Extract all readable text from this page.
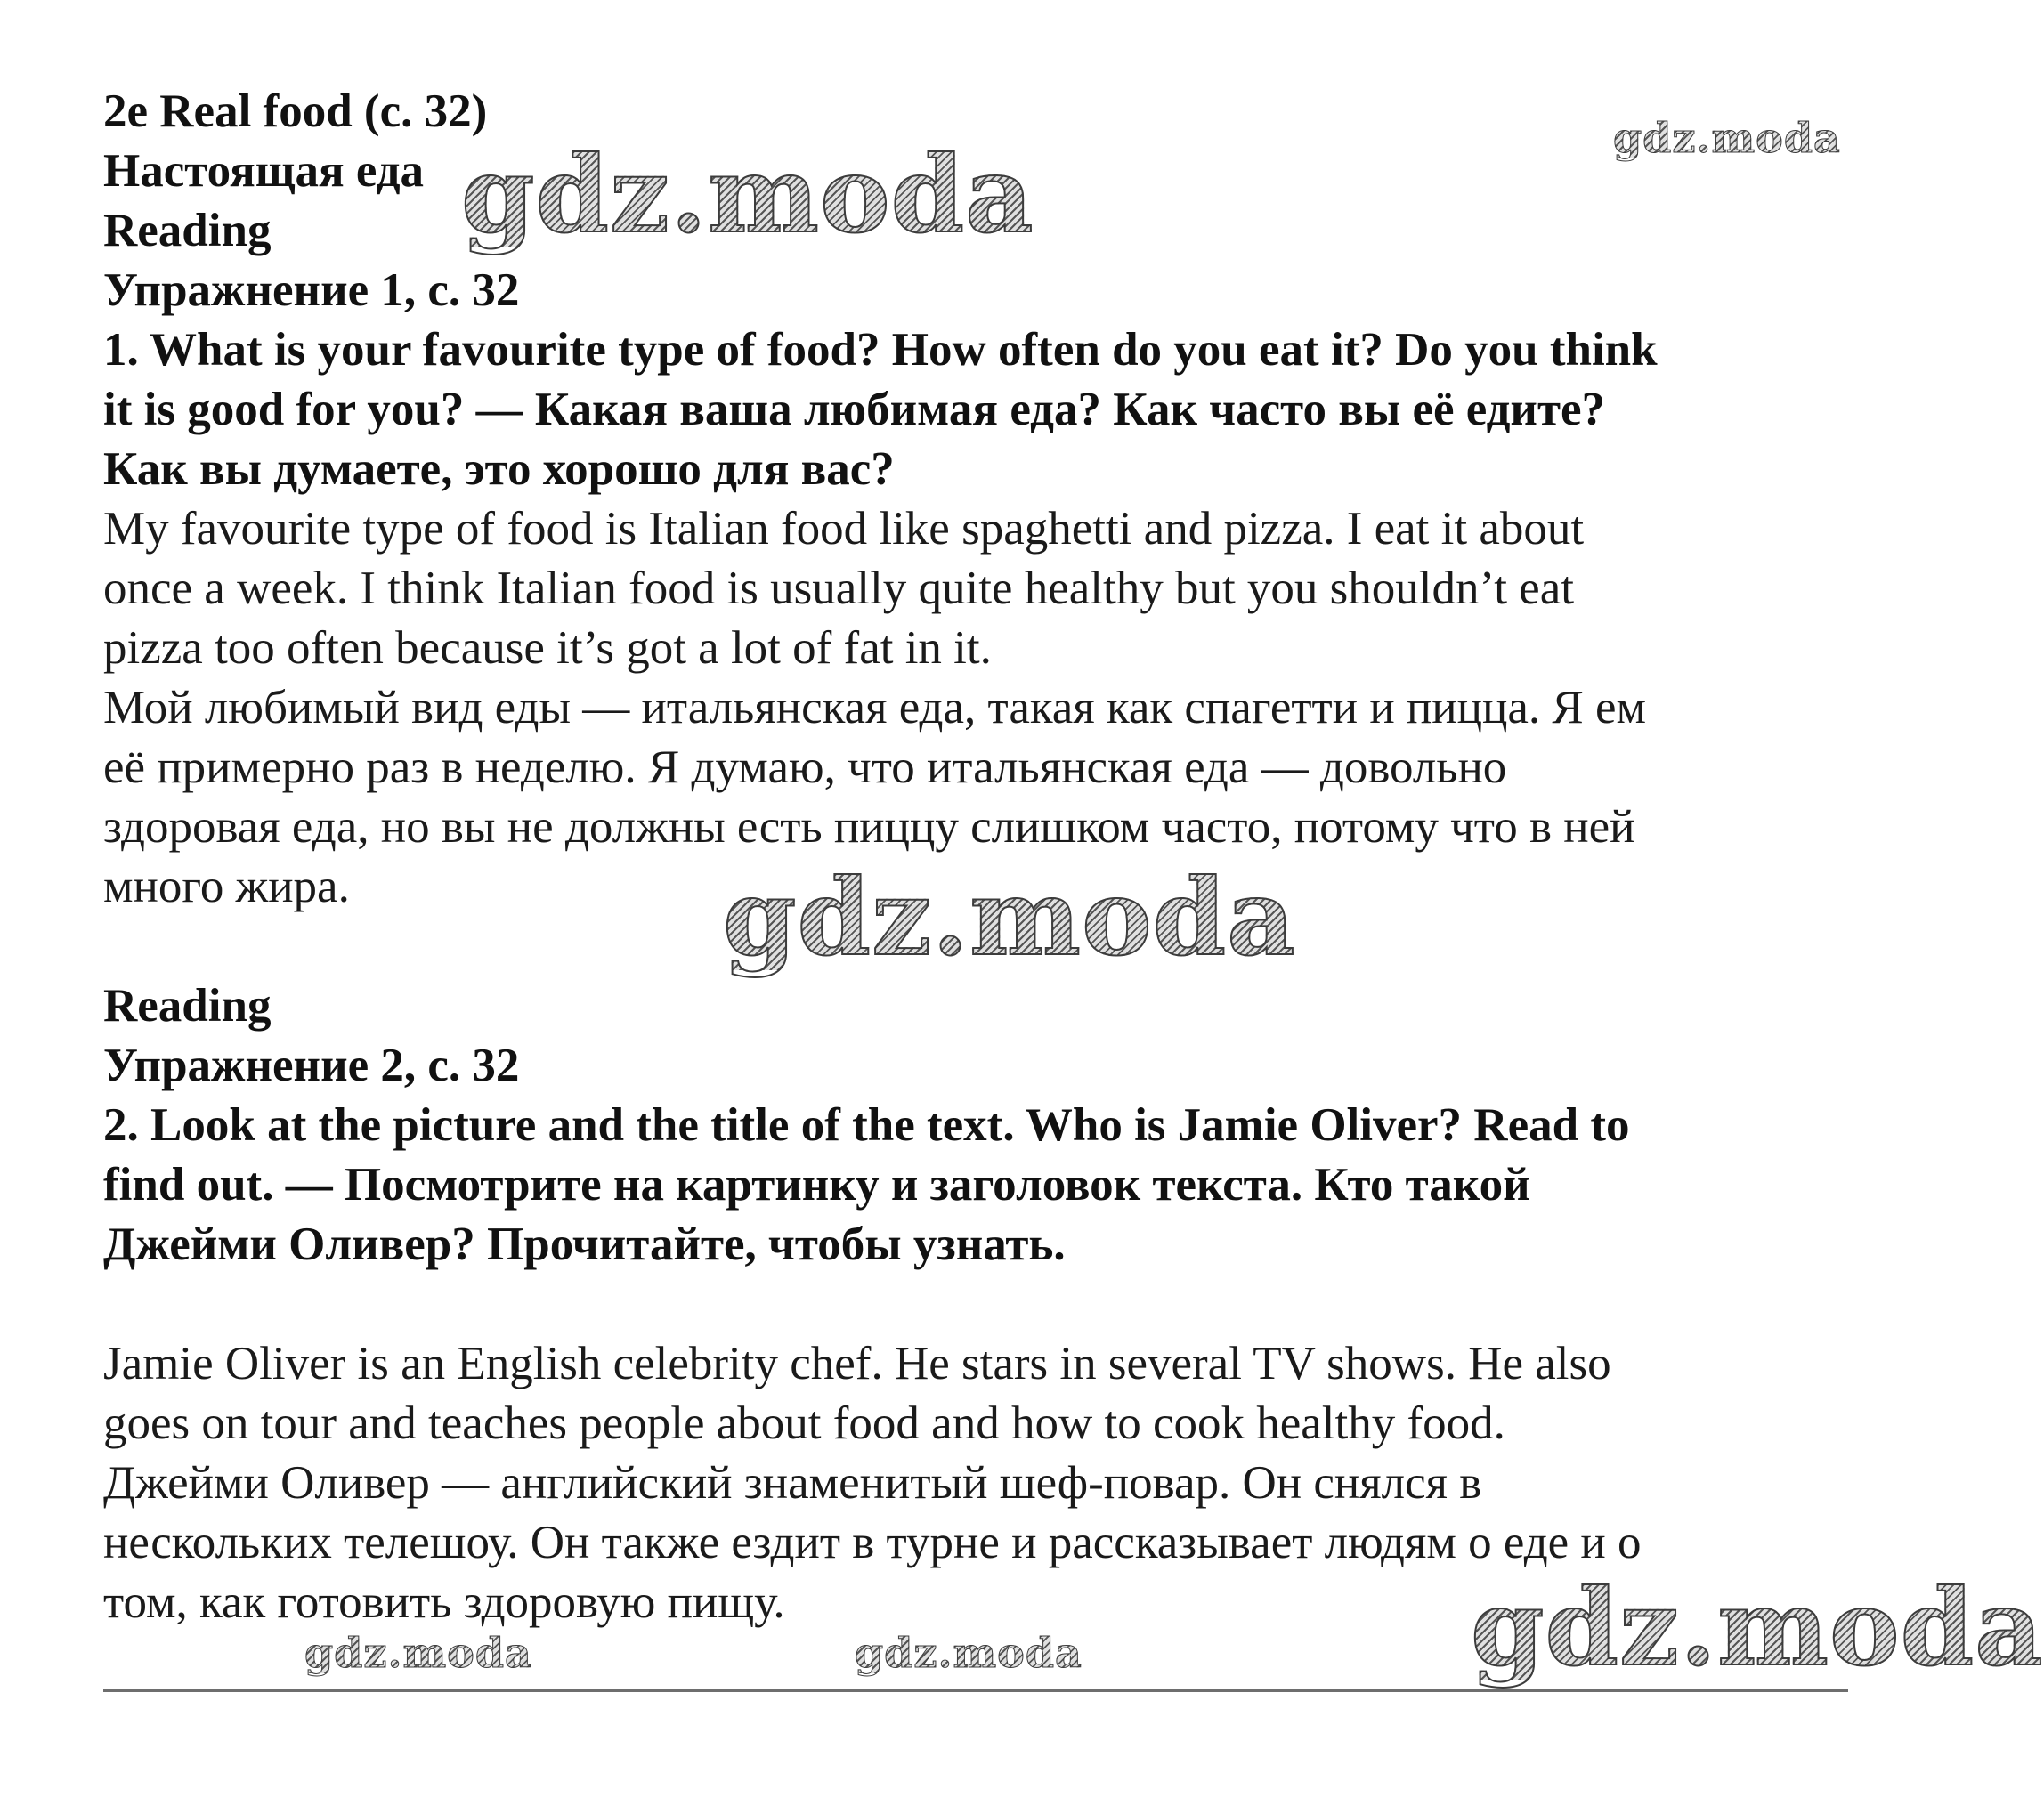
2e Real food (с. 32)
Настоящая еда
Reading
Упражнение 1, с. 32
1. What is your favourite type of food? How often do you eat it? Do you think
it is good for you? — Какая ваша любимая еда? Как часто вы её едите?
Как вы думаете, это хорошо для вас?
My favourite type of food is Italian food like spaghetti and pizza. I eat it about
once a week. I think Italian food is usually quite healthy but you shouldn’t eat
pizza too often because it’s got a lot of fat in it.
Мой любимый вид еды — итальянская еда, такая как спагетти и пицца. Я ем
её примерно раз в неделю. Я думаю, что итальянская еда — довольно
здоровая еда, но вы не должны есть пиццу слишком часто, потому что в ней
много жира.
Reading
Упражнение 2, с. 32
2. Look at the picture and the title of the text. Who is Jamie Oliver? Read to
find out. — Посмотрите на картинку и заголовок текста. Кто такой
Джейми Оливер? Прочитайте, чтобы узнать.
Jamie Oliver is an English celebrity chef. He stars in several TV shows. He also
goes on tour and teaches people about food and how to cook healthy food.
Джейми Оливер — английский знаменитый шеф-повар. Он снялся в
нескольких телешоу. Он также ездит в турне и рассказывает людям о еде и о
том, как готовить здоровую пищу.
gdz.moda	gdz.moda
gdz.moda
gdz.moda
gdz.moda	gdz.moda
